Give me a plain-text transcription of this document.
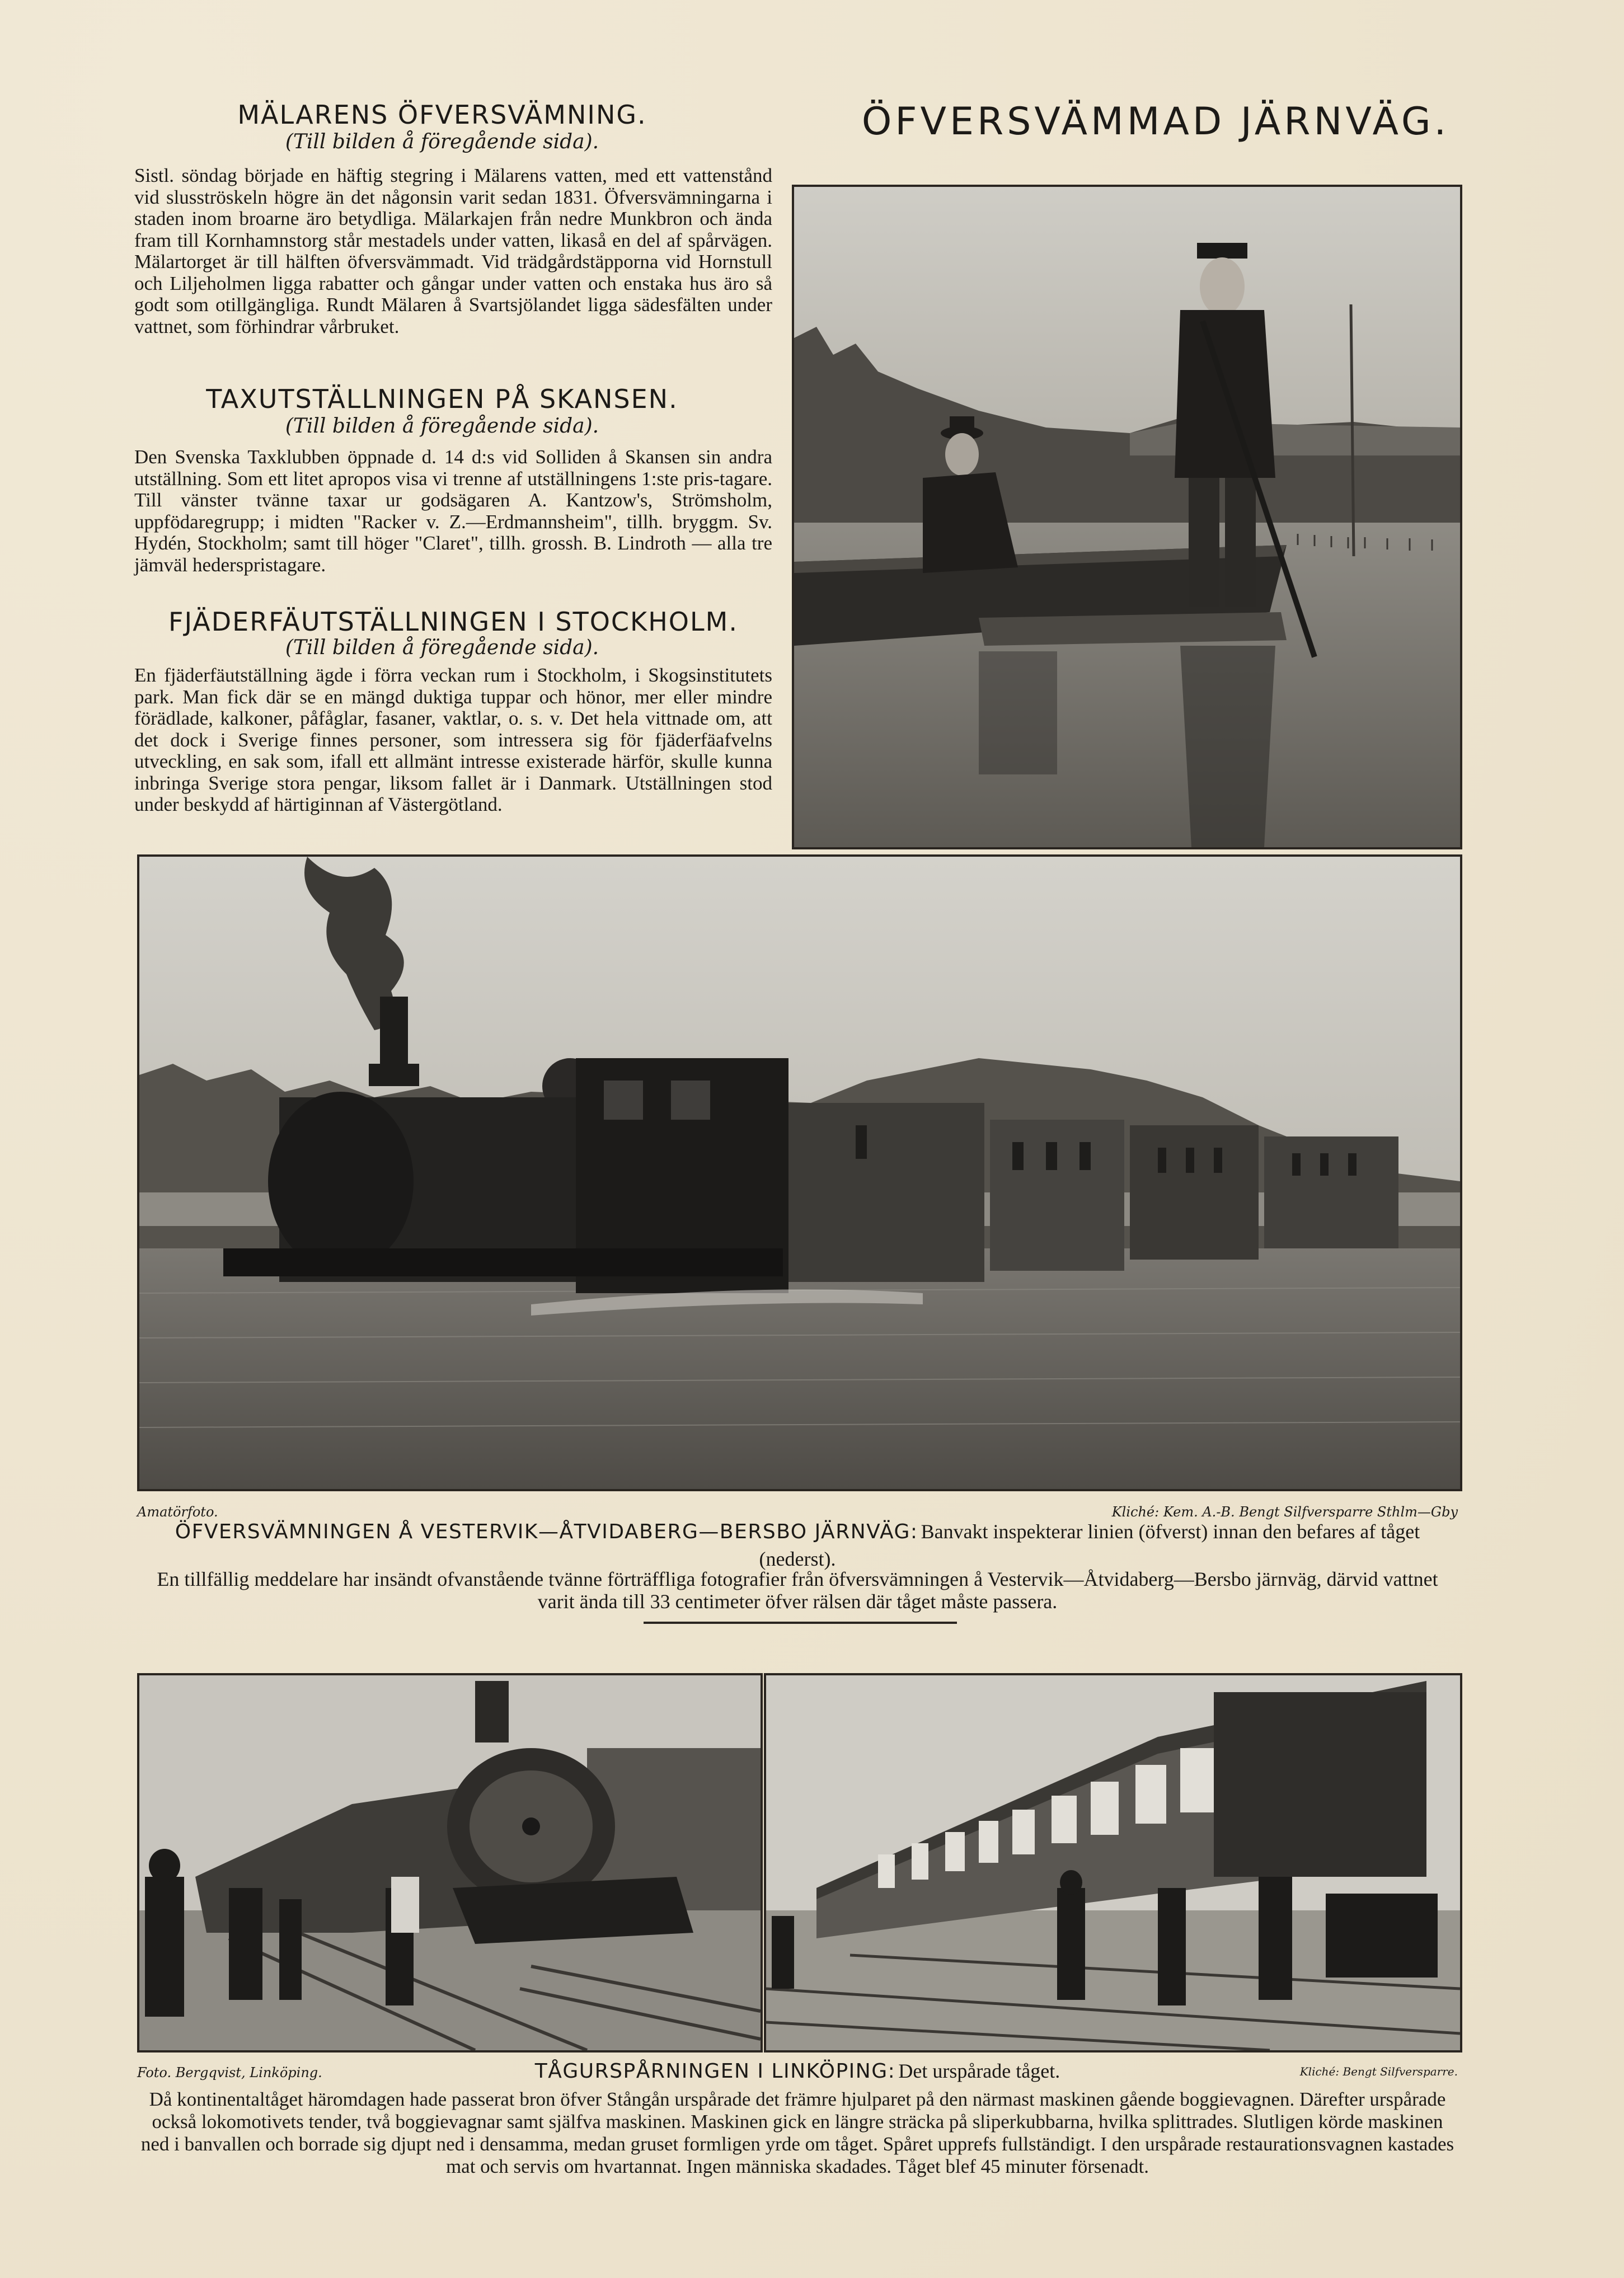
MÄLARENS ÖFVERSVÄMNING.
(Till bilden å föregående sida).
Sistl. söndag började en häftig stegring i Mälarens vatten, med ett vattenstånd vid slusströskeln högre än det någonsin varit sedan 1831. Öfversvämningarna i staden inom broarne äro betydliga. Mälarkajen från nedre Munkbron och ända fram till Kornhamnstorg står mestadels under vatten, likaså en del af spårvägen. Mälartorget är till hälften öfversvämmadt. Vid trädgårdstäpporna vid Hornstull och Liljeholmen ligga rabatter och gångar under vatten och enstaka hus äro så godt som otillgängliga. Rundt Mälaren å Svartsjölandet ligga sädesfälten under vattnet, som förhindrar vårbruket.
TAXUTSTÄLLNINGEN PÅ SKANSEN.
(Till bilden å föregående sida).
Den Svenska Taxklubben öppnade d. 14 d:s vid Solliden å Skansen sin andra utställning. Som ett litet apropos visa vi trenne af utställningens 1:ste pris-tagare. Till vänster tvänne taxar ur godsägaren A. Kantzow's, Strömsholm, uppfödaregrupp; i midten "Racker v. Z.—Erdmannsheim", tillh. bryggm. Sv. Hydén, Stockholm; samt till höger "Claret", tillh. grossh. B. Lindroth — alla tre jämväl hederspristagare.
FJÄDERFÄUTSTÄLLNINGEN I STOCKHOLM.
(Till bilden å föregående sida).
En fjäderfäutställning ägde i förra veckan rum i Stockholm, i Skogsinstitutets park. Man fick där se en mängd duktiga tuppar och hönor, mer eller mindre förädlade, kalkoner, påfåglar, fasaner, vaktlar, o. s. v. Det hela vittnade om, att det dock i Sverige finnes personer, som intressera sig för fjäderfäafvelns utveckling, en sak som, ifall ett allmänt intresse existerade härför, skulle kunna inbringa Sverige stora pengar, liksom fallet är i Danmark. Utställningen stod under beskydd af härtiginnan af Västergötland.
ÖFVERSVÄMMAD JÄRNVÄG.
Amatörfoto.	Kliché: Kem. A.-B. Bengt Silfversparre Sthlm—Gby
ÖFVERSVÄMNINGEN Å VESTERVIK—ÅTVIDABERG—BERSBO JÄRNVÄG: Banvakt inspekterar linien (öfverst) innan den befares af tåget (nederst).
En tillfällig meddelare har insändt ofvanstående tvänne förträffliga fotografier från öfversvämningen å Vestervik—Åtvidaberg—Bersbo järnväg, därvid vattnet varit ända till 33 centimeter öfver rälsen där tåget måste passera.
Foto. Bergqvist, Linköping.	Kliché: Bengt Silfversparre.
TÅGURSPÅRNINGEN I LINKÖPING: Det urspårade tåget.
Då kontinentaltåget häromdagen hade passerat bron öfver Stångån urspårade det främre hjulparet på den närmast maskinen gående boggievagnen. Därefter urspårade också lokomotivets tender, två boggievagnar samt själfva maskinen. Maskinen gick en längre sträcka på sliperkubbarna, hvilka splittrades. Slutligen körde maskinen ned i banvallen och borrade sig djupt ned i densamma, medan gruset formligen yrde om tåget. Spåret upprefs fullständigt. I den urspårade restaurationsvagnen kastades mat och servis om hvartannat. Ingen människa skadades. Tåget blef 45 minuter försenadt.
